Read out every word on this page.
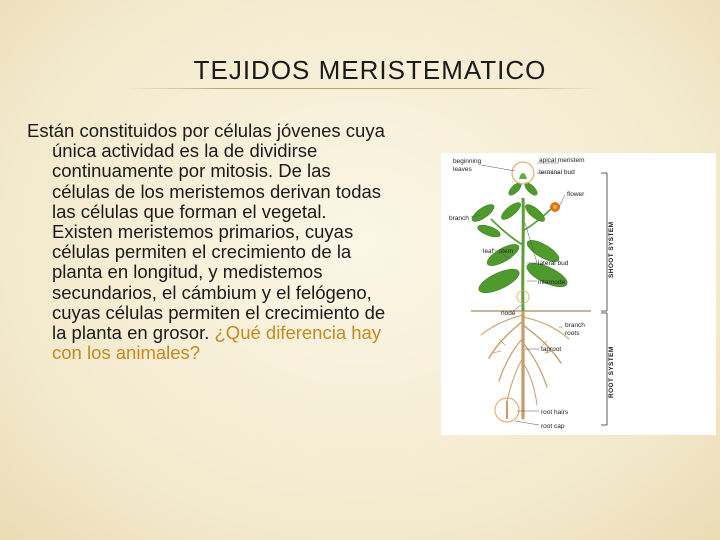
TEJIDOS MERISTEMATICO
Están constituidos por células jóvenes cuya única actividad es la de dividirse continuamente por mitosis. De las células de los meristemos derivan todas las células que forman el vegetal. Existen meristemos primarios, cuyas células permiten el crecimiento de la planta en longitud, y medistemos secundarios, el cámbium y el felógeno, cuyas células permiten el crecimiento de la planta en grosor. ¿Qué diferencia hay con los animales?
SHOOT SYSTEM
ROOT SYSTEM
beginning
leaves
apical meristem
terminal bud
flower
branch
leaf stem
lateral bud
internode
node
branch
roots
taproot
root hairs
root cap
